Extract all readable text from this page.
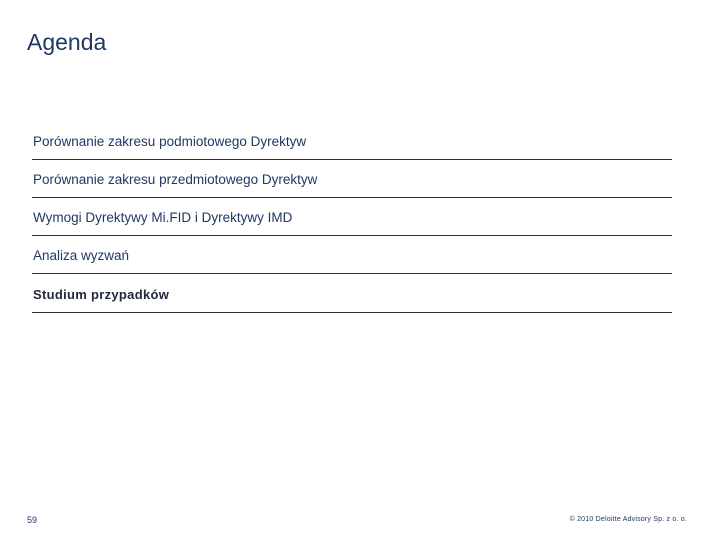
Agenda
Porównanie zakresu podmiotowego Dyrektyw
Porównanie zakresu przedmiotowego Dyrektyw
Wymogi Dyrektywy Mi.FID i Dyrektywy IMD
Analiza wyzwań
Studium przypadków
59	© 2010 Deloitte Advisory Sp. z o. o.
